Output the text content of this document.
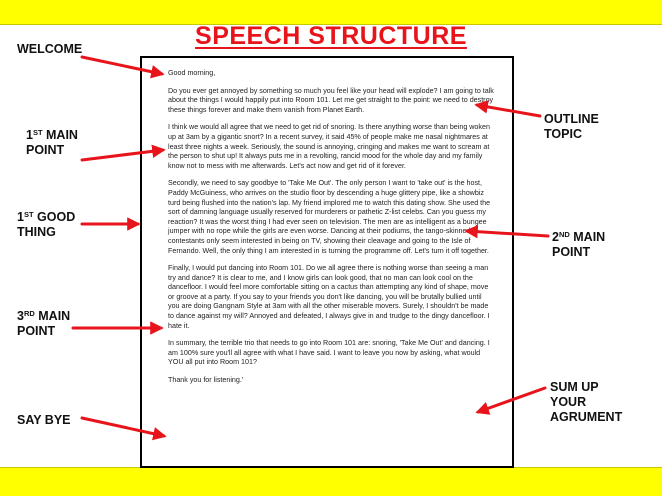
SPEECH STRUCTURE

Good morning,

Do you ever get annoyed by something so much you feel like your head will explode? I am going to talk about the things I would happily put into Room 101. Let me get straight to the point: we need to destroy these things forever and make them vanish from Planet Earth.

I think we would all agree that we need to get rid of snoring. Is there anything worse than being woken up at 3am by a gigantic snort? In a recent survey, it said 45% of people make me nasal nightmares at least three nights a week. Seriously, the sound is annoying, cringing and makes me want to scream at the person to shut up! It always puts me in a revolting, rancid mood for the whole day and my family know not to mess with me afterwards. Let's act now and get rid of it forever.

Secondly, we need to say goodbye to 'Take Me Out'. The only person I want to 'take out' is the host, Paddy McGuiness, who arrives on the studio floor by descending a huge glittery pipe, like a showbiz turd being flushed into the nation's lap. My friend implored me to watch this dating show. She used the sort of damning language usually reserved for murderers or pathetic Z-list celebs. Can you guess my reaction? It was the worst thing I had ever seen on television. The men are as intelligent as a bungee jumper with no rope while the girls are even worse. Dancing at their podiums, the tango-skinned contestants only seem interested in being on TV, showing their cleavage and going to the Isle of Fernando. Well, the only thing I am interested in is turning the programme off. Let's turn it off together.

Finally, I would put dancing into Room 101. Do we all agree there is nothing worse than seeing a man try and dance? It is clear to me, and I know girls can look good, that no man can look cool on the dancefloor. I would feel more comfortable sitting on a cactus than attempting any kind of shape, move or groove at a party. If you say to your friends you don't like dancing, you will be brutally bullied until you are doing Gangnam Style at 3am with all the other miserable movers. Surely, I shouldn't be made to dance against my will? Annoyed and defeated, I always give in and trudge to the dingy dancefloor. I hate it.

In summary, the terrible trio that needs to go into Room 101 are: snoring, 'Take Me Out' and dancing. I am 100% sure you'll all agree with what I have said. I want to leave you now by asking, what would YOU all put into Room 101?

Thank you for listening.'

WELCOME
1ST MAIN
POINT
1ST GOOD
THING
3RD MAIN
POINT
SAY BYE
OUTLINE
TOPIC
2ND MAIN
POINT
SUM UP
YOUR
AGRUMENT
